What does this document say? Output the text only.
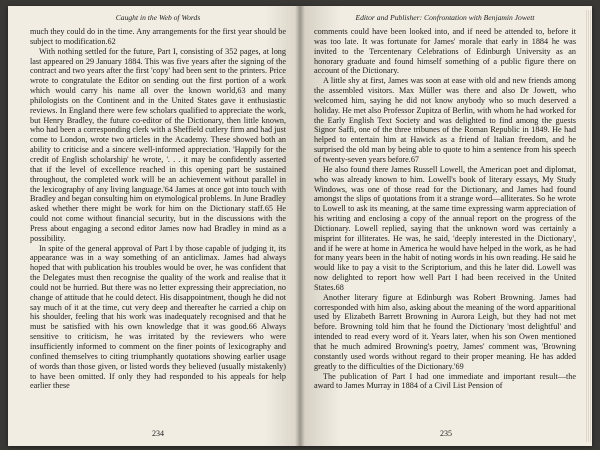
Caught in the Web of Words

much they could do in the time. Any arrangements for the first year should be subject to modification.62

With nothing settled for the future, Part I, consisting of 352 pages, at long last appeared on 29 January 1884. This was five years after the signing of the contract and two years after the first 'copy' had been sent to the printers. Price wrote to congratulate the Editor on sending out the first portion of a work which would carry his name all over the known world,63 and many philologists on the Continent and in the United States gave it enthusiastic reviews. In England there were few scholars qualified to appreciate the work, but Henry Bradley, the future co-editor of the Dictionary, then little known, who had been a corresponding clerk with a Sheffield cutlery firm and had just come to London, wrote two articles in the Academy. These showed both an ability to criticise and a sincere well-informed appreciation. 'Happily for the credit of English scholarship' he wrote, '. . . it may be confidently asserted that if the level of excellence reached in this opening part be sustained throughout, the completed work will be an achievement without parallel in the lexicography of any living language.'64 James at once got into touch with Bradley and began consulting him on etymological problems. In June Bradley asked whether there might be work for him on the Dictionary staff.65 He could not come without financial security, but in the discussions with the Press about engaging a second editor James now had Bradley in mind as a possibility.

In spite of the general approval of Part I by those capable of judging it, its appearance was in a way something of an anticlimax. James had always hoped that with publication his troubles would be over, he was confident that the Delegates must then recognise the quality of the work and realise that it could not be hurried. But there was no letter expressing their appreciation, no change of attitude that he could detect. His disappointment, though he did not say much of it at the time, cut very deep and thereafter he carried a chip on his shoulder, feeling that his work was inadequately recognised and that he must be satisfied with his own knowledge that it was good.66 Always sensitive to criticism, he was irritated by the reviewers who were insufficiently informed to comment on the finer points of lexicography and confined themselves to citing triumphantly quotations showing earlier usage of words than those given, or listed words they believed (usually mistakenly) to have been omitted. If only they had responded to his appeals for help earlier these

234
Editor and Publisher: Confrontation with Benjamin Jowett

comments could have been looked into, and if need be attended to, before it was too late. It was fortunate for James' morale that early in 1884 he was invited to the Tercentenary Celebrations of Edinburgh University as an honorary graduate and found himself something of a public figure there on account of the Dictionary.

A little shy at first, James was soon at ease with old and new friends among the assembled visitors. Max Müller was there and also Dr Jowett, who welcomed him, saying he did not know anybody who so much deserved a holiday. He met also Professor Zupitza of Berlin, with whom he had worked for the Early English Text Society and was delighted to find among the guests Signor Saffi, one of the three tribunes of the Roman Republic in 1849. He had helped to entertain him at Hawick as a friend of Italian freedom, and he surprised the old man by being able to quote to him a sentence from his speech of twenty-seven years before.67

He also found there James Russell Lowell, the American poet and diplomat, who was already known to him. Lowell's book of literary essays, My Study Windows, was one of those read for the Dictionary, and James had found amongst the slips of quotations from it a strange word—alliterates. So he wrote to Lowell to ask its meaning, at the same time expressing warm appreciation of his writing and enclosing a copy of the annual report on the progress of the Dictionary. Lowell replied, saying that the unknown word was certainly a misprint for illiterates. He was, he said, 'deeply interested in the Dictionary', and if he were at home in America he would have helped in the work, as he had for many years been in the habit of noting words in his own reading. He said he would like to pay a visit to the Scriptorium, and this he later did. Lowell was now delighted to report how well Part I had been received in the United States.68

Another literary figure at Edinburgh was Robert Browning. James had corresponded with him also, asking about the meaning of the word apparitional used by Elizabeth Barrett Browning in Aurora Leigh, but they had not met before. Browning told him that he found the Dictionary 'most delightful' and intended to read every word of it. Years later, when his son Owen mentioned that he much admired Browning's poetry, James' comment was, 'Browning constantly used words without regard to their proper meaning. He has added greatly to the difficulties of the Dictionary.'69

The publication of Part I had one immediate and important result—the award to James Murray in 1884 of a Civil List Pension of

235
